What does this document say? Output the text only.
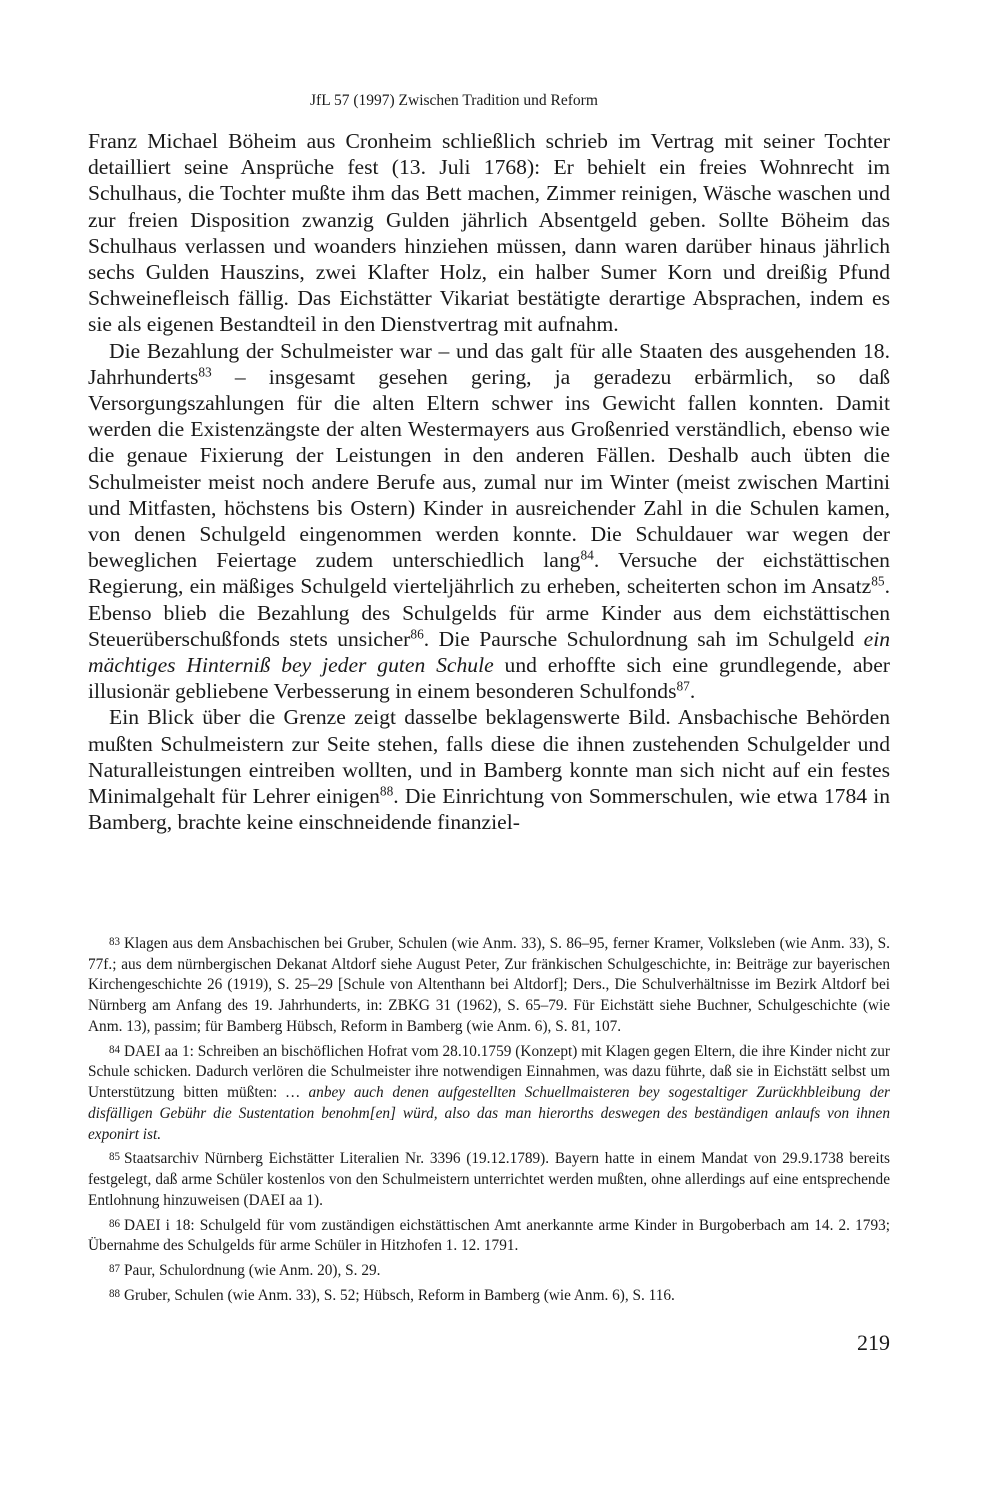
JfL 57 (1997) Zwischen Tradition und Reform

Franz Michael Böheim aus Cronheim schließlich schrieb im Vertrag mit seiner Tochter detailliert seine Ansprüche fest (13. Juli 1768): Er behielt ein freies Wohnrecht im Schulhaus, die Tochter mußte ihm das Bett machen, Zimmer reinigen, Wäsche waschen und zur freien Disposition zwanzig Gulden jährlich Absentgeld geben. Sollte Böheim das Schulhaus verlassen und woanders hinziehen müssen, dann waren darüber hinaus jährlich sechs Gulden Hauszins, zwei Klafter Holz, ein halber Sumer Korn und dreißig Pfund Schweinefleisch fällig. Das Eichstätter Vikariat bestätigte derartige Absprachen, indem es sie als eigenen Bestandteil in den Dienstvertrag mit aufnahm.

Die Bezahlung der Schulmeister war – und das galt für alle Staaten des ausgehenden 18. Jahrhunderts$^{83}$ – insgesamt gesehen gering, ja geradezu erbärmlich, so daß Versorgungszahlungen für die alten Eltern schwer ins Gewicht fallen konnten. Damit werden die Existenzängste der alten Westermayers aus Großenried verständlich, ebenso wie die genaue Fixierung der Leistungen in den anderen Fällen. Deshalb auch übten die Schulmeister meist noch andere Berufe aus, zumal nur im Winter (meist zwischen Martini und Mitfasten, höchstens bis Ostern) Kinder in ausreichender Zahl in die Schulen kamen, von denen Schulgeld eingenommen werden konnte. Die Schuldauer war wegen der beweglichen Feiertage zudem unterschiedlich lang$^{84}$. Versuche der eichstättischen Regierung, ein mäßiges Schulgeld vierteljährlich zu erheben, scheiterten schon im Ansatz$^{85}$. Ebenso blieb die Bezahlung des Schulgelds für arme Kinder aus dem eichstättischen Steuerüberschußfonds stets unsicher$^{86}$. Die Paursche Schulordnung sah im Schulgeld ein mächtiges Hinterniß bey jeder guten Schule und erhoffte sich eine grundlegende, aber illusionär gebliebene Verbesserung in einem besonderen Schulfonds$^{87}$.

Ein Blick über die Grenze zeigt dasselbe beklagenswerte Bild. Ansbachische Behörden mußten Schulmeistern zur Seite stehen, falls diese die ihnen zustehenden Schulgelder und Naturalleistungen eintreiben wollten, und in Bamberg konnte man sich nicht auf ein festes Minimalgehalt für Lehrer einigen$^{88}$. Die Einrichtung von Sommerschulen, wie etwa 1784 in Bamberg, brachte keine einschneidende finanziel-

83 Klagen aus dem Ansbachischen bei Gruber, Schulen (wie Anm. 33), S. 86–95, ferner Kramer, Volksleben (wie Anm. 33), S. 77f.; aus dem nürnbergischen Dekanat Altdorf siehe August Peter, Zur fränkischen Schulgeschichte, in: Beiträge zur bayerischen Kirchengeschichte 26 (1919), S. 25–29 [Schule von Altenthann bei Altdorf]; Ders., Die Schulverhältnisse im Bezirk Altdorf bei Nürnberg am Anfang des 19. Jahrhunderts, in: ZBKG 31 (1962), S. 65–79. Für Eichstätt siehe Buchner, Schulgeschichte (wie Anm. 13), passim; für Bamberg Hübsch, Reform in Bamberg (wie Anm. 6), S. 81, 107.

84 DAEI aa 1: Schreiben an bischöflichen Hofrat vom 28.10.1759 (Konzept) mit Klagen gegen Eltern, die ihre Kinder nicht zur Schule schicken. Dadurch verlören die Schulmeister ihre notwendigen Einnahmen, was dazu führte, daß sie in Eichstätt selbst um Unterstützung bitten müßten: … anbey auch denen aufgestellten Schuellmaisteren bey sogestaltiger Zurückhbleibung der disfälligen Gebühr die Sustentation benohm[en] würd, also das man hierorths deswegen des beständigen anlaufs von ihnen exponirt ist.

85 Staatsarchiv Nürnberg Eichstätter Literalien Nr. 3396 (19.12.1789). Bayern hatte in einem Mandat von 29.9.1738 bereits festgelegt, daß arme Schüler kostenlos von den Schulmeistern unterrichtet werden mußten, ohne allerdings auf eine entsprechende Entlohnung hinzuweisen (DAEI aa 1).

86 DAEI i 18: Schulgeld für vom zuständigen eichstättischen Amt anerkannte arme Kinder in Burgoberbach am 14. 2. 1793; Übernahme des Schulgelds für arme Schüler in Hitzhofen 1. 12. 1791.

87 Paur, Schulordnung (wie Anm. 20), S. 29.

88 Gruber, Schulen (wie Anm. 33), S. 52; Hübsch, Reform in Bamberg (wie Anm. 6), S. 116.

219
